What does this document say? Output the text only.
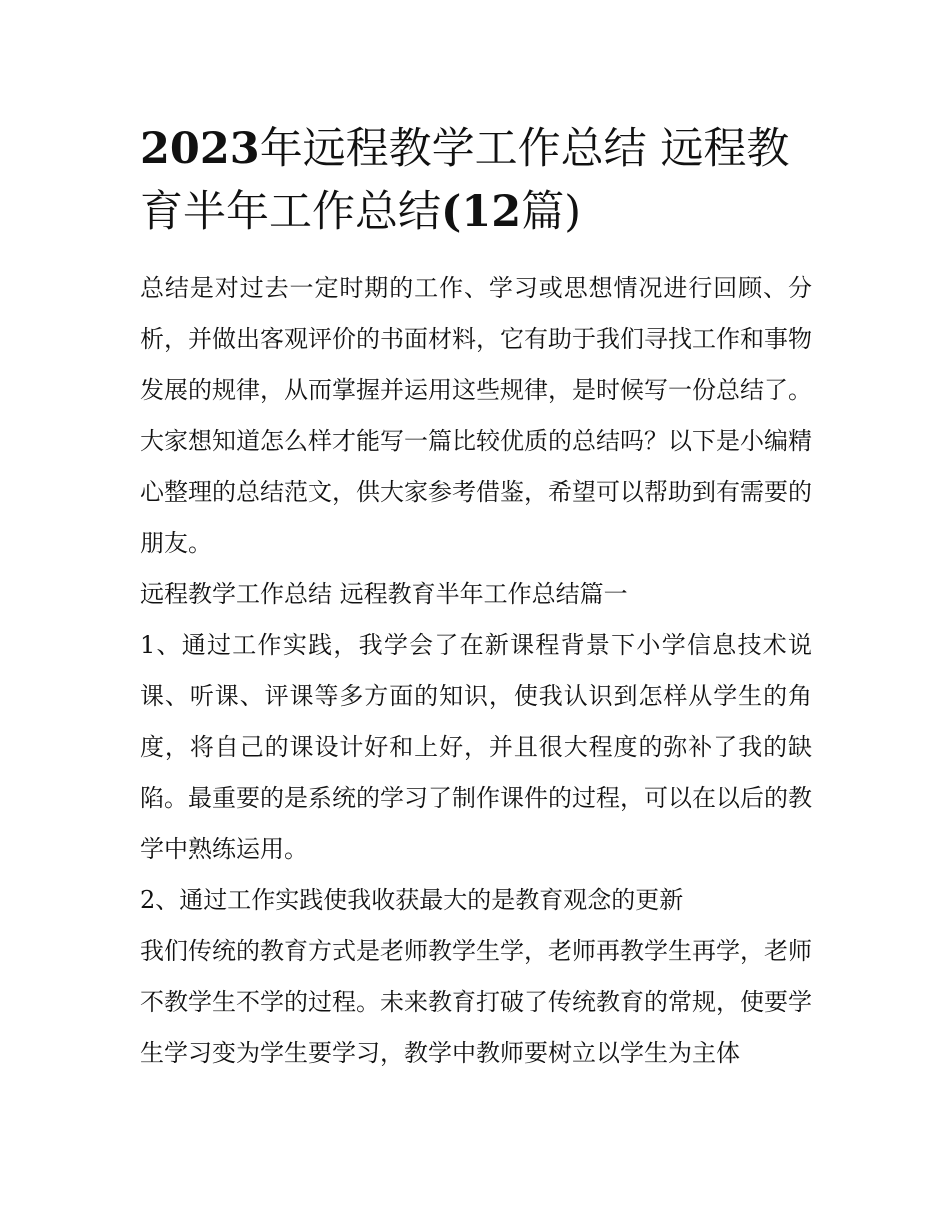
2023年远程教学工作总结 远程教育半年工作总结(12篇)

总结是对过去一定时期的工作、学习或思想情况进行回顾、分析，并做出客观评价的书面材料，它有助于我们寻找工作和事物发展的规律，从而掌握并运用这些规律，是时候写一份总结了。大家想知道怎么样才能写一篇比较优质的总结吗？以下是小编精心整理的总结范文，供大家参考借鉴，希望可以帮助到有需要的朋友。

远程教学工作总结 远程教育半年工作总结篇一

1、通过工作实践，我学会了在新课程背景下小学信息技术说课、听课、评课等多方面的知识，使我认识到怎样从学生的角度，将自己的课设计好和上好，并且很大程度的弥补了我的缺陷。最重要的是系统的学习了制作课件的过程，可以在以后的教学中熟练运用。

2、通过工作实践使我收获最大的是教育观念的更新

我们传统的教育方式是老师教学生学，老师再教学生再学，老师不教学生不学的过程。未来教育打破了传统教育的常规，使要学生学习变为学生要学习，教学中教师要树立以学生为主体
